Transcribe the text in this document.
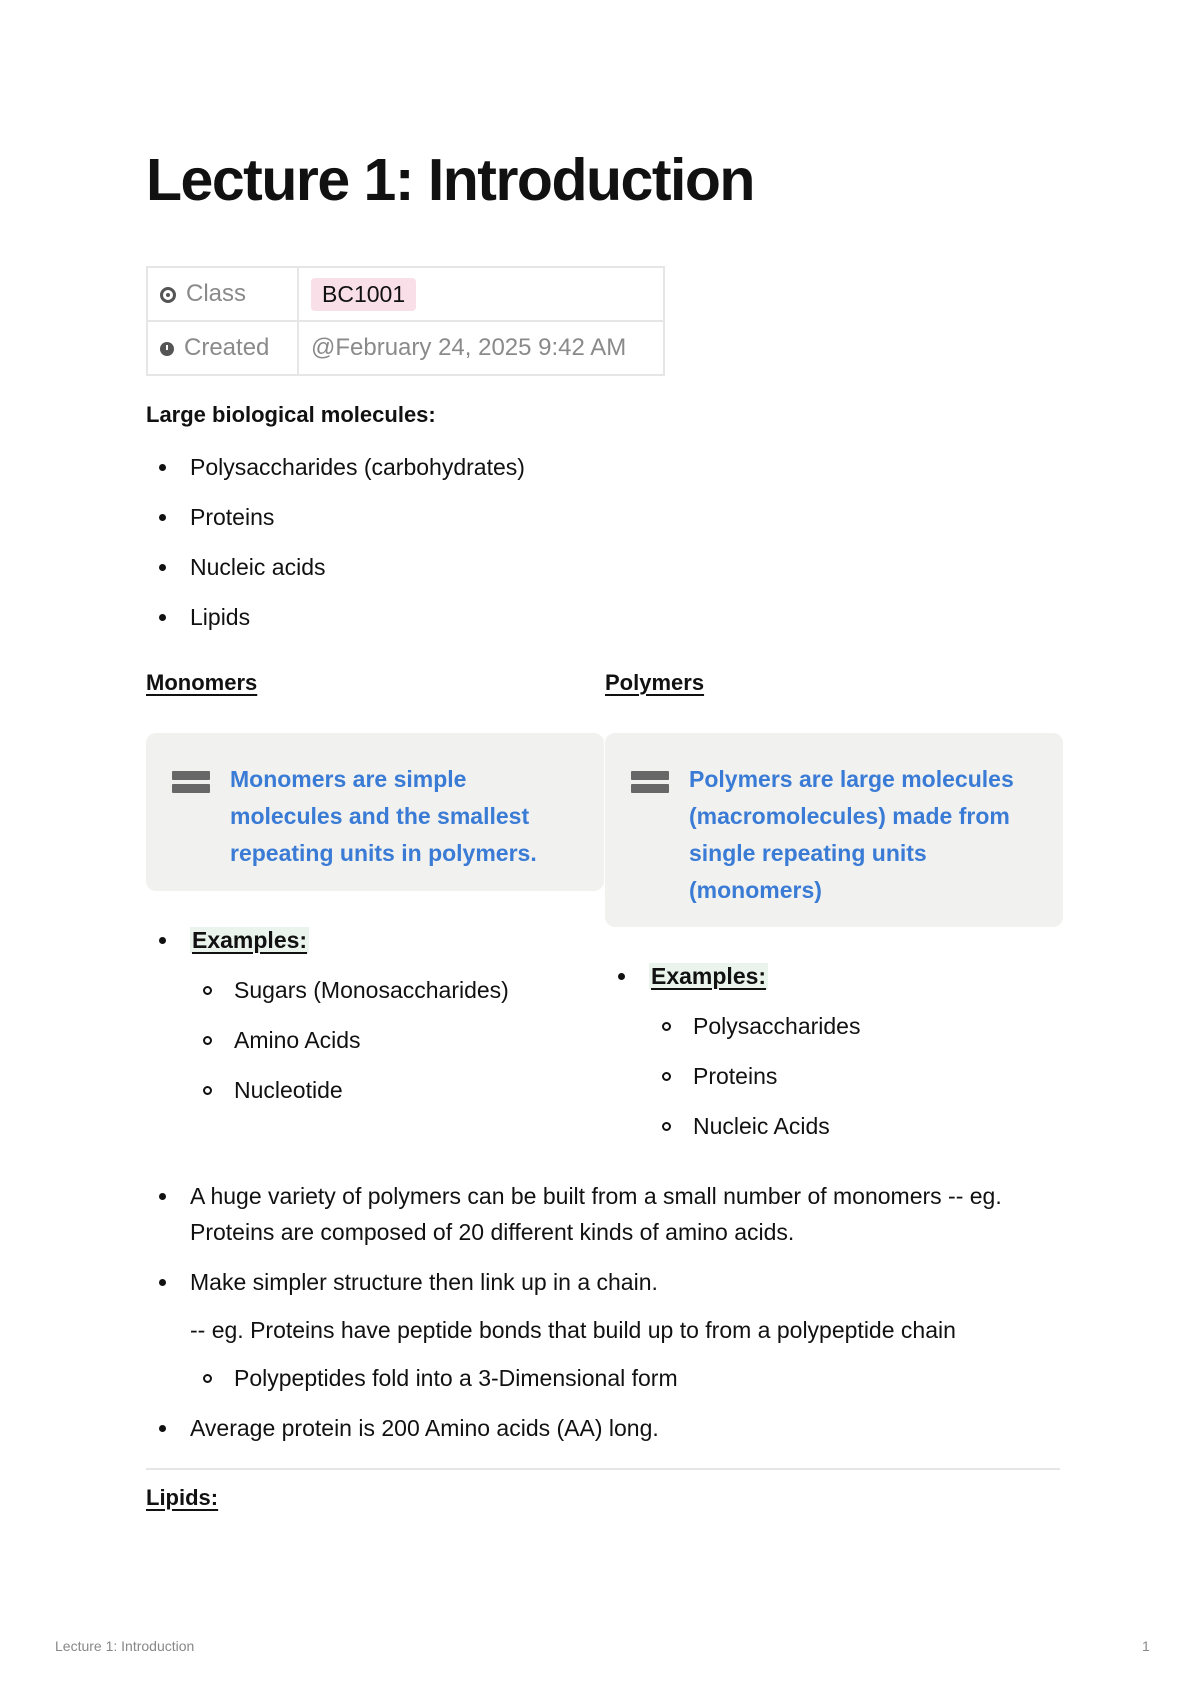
Lecture 1: Introduction
Class	BC1001
Created	@February 24, 2025 9:42 AM

Large biological molecules:

Polysaccharides (carbohydrates)
Proteins
Nucleic acids
Lipids

Monomers	Polymers

Monomers are simple molecules and the smallest repeating units in polymers.

Polymers are large molecules (macromolecules) made from single repeating units (monomers)

Examples:
Sugars (Monosaccharides)
Amino Acids
Nucleotide
Examples:
Polysaccharides
Proteins
Nucleic Acids
A huge variety of polymers can be built from a small number of monomers -- eg. Proteins are composed of 20 different kinds of amino acids.
Make simpler structure then link up in a chain.
-- eg. Proteins have peptide bonds that build up to from a polypeptide chain
Polypeptides fold into a 3-Dimensional form
Average protein is 200 Amino acids (AA) long.

Lipids:

Lecture 1: Introduction	1
